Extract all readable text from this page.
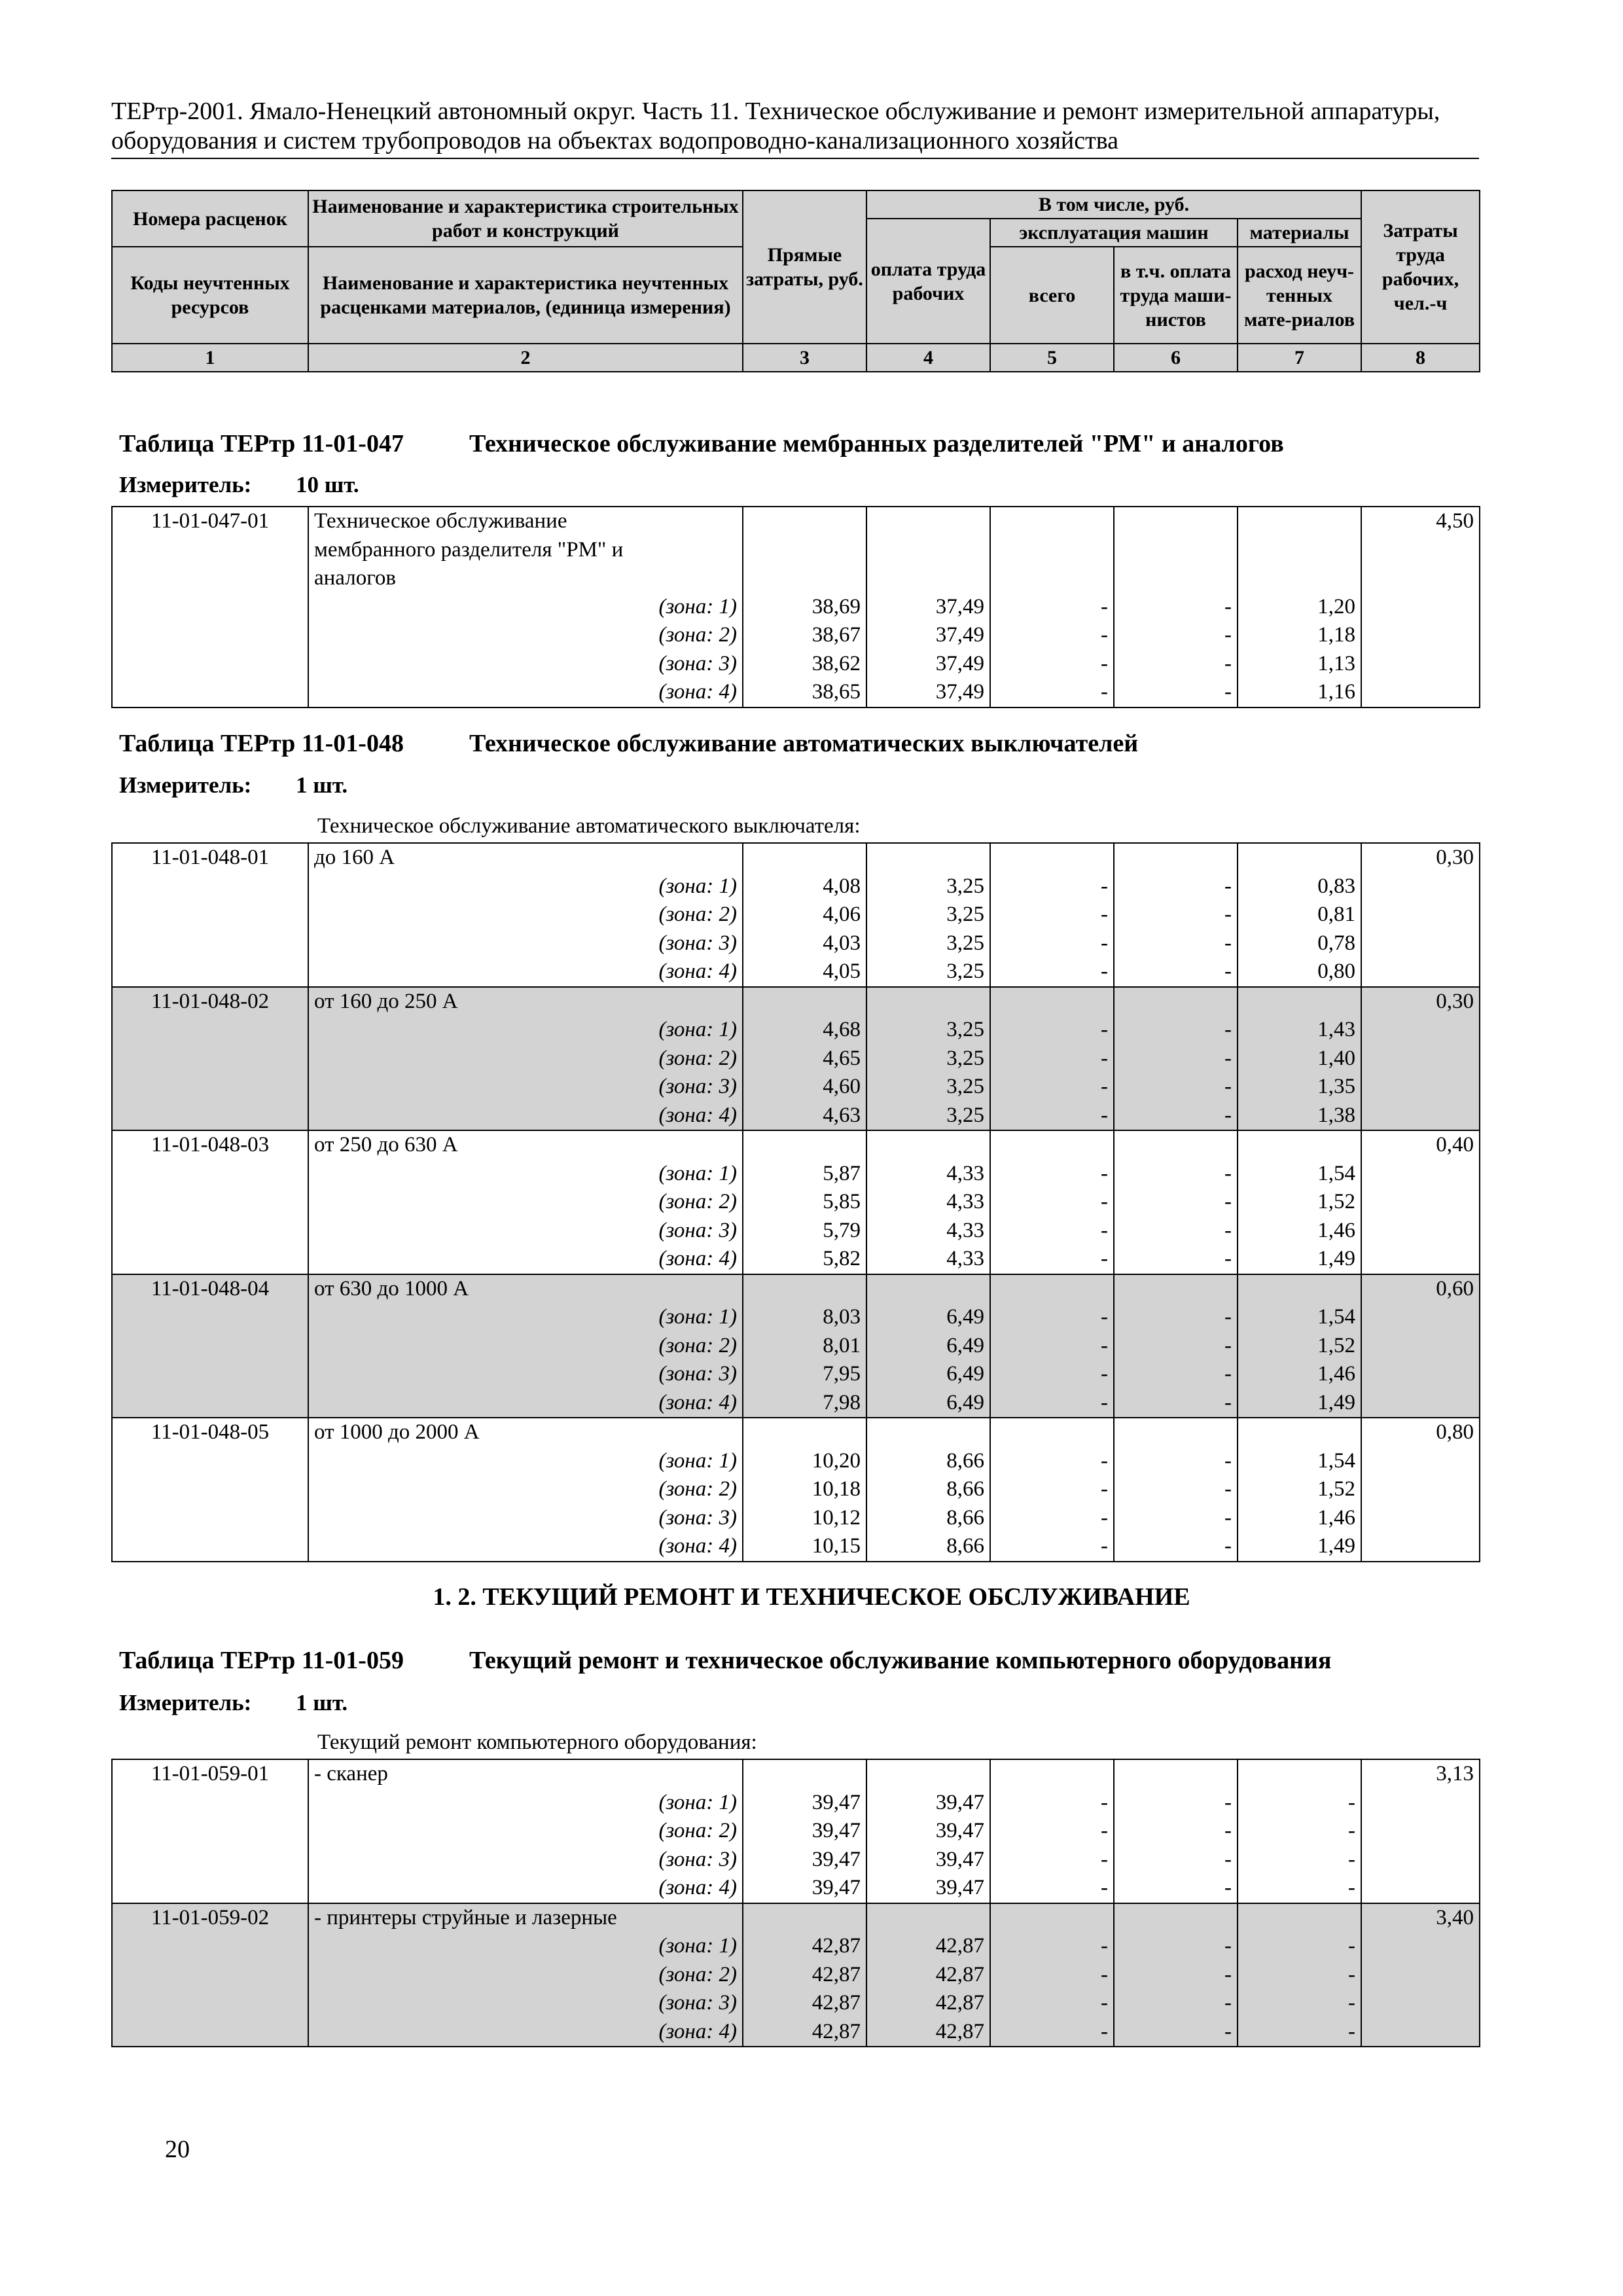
ТЕРтр-2001. Ямало-Ненецкий автономный округ. Часть 11. Техническое обслуживание и ремонт измерительной аппаратуры, оборудования и систем трубопроводов на объектах водопроводно-канализационного хозяйства
Номера расценок	Наименование и характеристика строительных работ и конструкций	Прямые затраты, руб.	В том числе, руб.				Затраты труда рабочих, чел.-ч
			оплата труда рабочих	эксплуатация машин		материалы	
Коды неучтенных ресурсов	Наименование и характеристика неучтенных расценками материалов, (единица измерения)			всего	в т.ч. оплата труда маши-нистов	расход неуч-тенных мате-риалов	

1	2	3	4	5	6	7	8
Таблица ТЕРтр 11-01-047	Техническое обслуживание мембранных разделителей "РМ" и аналогов
Измеритель: 10 шт.
11-01-047-01	Техническое обслуживание						4,50
	мембранного разделителя "РМ" и						
	аналогов						
	(зона: 1)	38,69	37,49	-	-	1,20	
	(зона: 2)	38,67	37,49	-	-	1,18	
	(зона: 3)	38,62	37,49	-	-	1,13	
	(зона: 4)	38,65	37,49	-	-	1,16	
Таблица ТЕРтр 11-01-048	Техническое обслуживание автоматических выключателей
Измеритель: 1 шт.
Техническое обслуживание автоматического выключателя:
11-01-048-01	до 160 А						0,30
	(зона: 1)	4,08	3,25	-	-	0,83	
	(зона: 2)	4,06	3,25	-	-	0,81	
	(зона: 3)	4,03	3,25	-	-	0,78	
	(зона: 4)	4,05	3,25	-	-	0,80	
11-01-048-02	от 160 до 250 А						0,30
	(зона: 1)	4,68	3,25	-	-	1,43	
	(зона: 2)	4,65	3,25	-	-	1,40	
	(зона: 3)	4,60	3,25	-	-	1,35	
	(зона: 4)	4,63	3,25	-	-	1,38	
11-01-048-03	от 250 до 630 А						0,40
	(зона: 1)	5,87	4,33	-	-	1,54	
	(зона: 2)	5,85	4,33	-	-	1,52	
	(зона: 3)	5,79	4,33	-	-	1,46	
	(зона: 4)	5,82	4,33	-	-	1,49	
11-01-048-04	от 630 до 1000 А						0,60
	(зона: 1)	8,03	6,49	-	-	1,54	
	(зона: 2)	8,01	6,49	-	-	1,52	
	(зона: 3)	7,95	6,49	-	-	1,46	
	(зона: 4)	7,98	6,49	-	-	1,49	
11-01-048-05	от 1000 до 2000 А						0,80
	(зона: 1)	10,20	8,66	-	-	1,54	
	(зона: 2)	10,18	8,66	-	-	1,52	
	(зона: 3)	10,12	8,66	-	-	1,46	
	(зона: 4)	10,15	8,66	-	-	1,49	
1. 2. ТЕКУЩИЙ РЕМОНТ И ТЕХНИЧЕСКОЕ ОБСЛУЖИВАНИЕ
Таблица ТЕРтр 11-01-059	Текущий ремонт и техническое обслуживание компьютерного оборудования
Измеритель: 1 шт.
Текущий ремонт компьютерного оборудования:
11-01-059-01	- сканер						3,13
	(зона: 1)	39,47	39,47	-	-	-	
	(зона: 2)	39,47	39,47	-	-	-	
	(зона: 3)	39,47	39,47	-	-	-	
	(зона: 4)	39,47	39,47	-	-	-	
11-01-059-02	- принтеры струйные и лазерные						3,40
	(зона: 1)	42,87	42,87	-	-	-	
	(зона: 2)	42,87	42,87	-	-	-	
	(зона: 3)	42,87	42,87	-	-	-	
	(зона: 4)	42,87	42,87	-	-	-	
20
